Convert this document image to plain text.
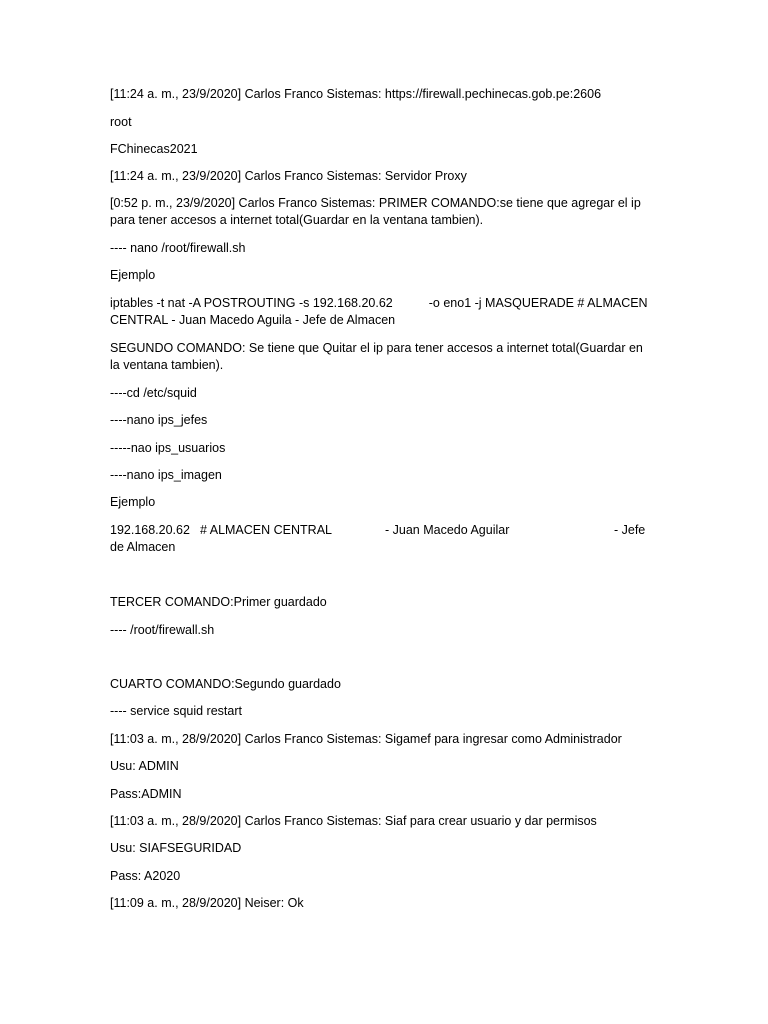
[11:24 a. m., 23/9/2020] Carlos Franco Sistemas: https://firewall.pechinecas.gob.pe:2606
root
FChinecas2021
[11:24 a. m., 23/9/2020] Carlos Franco Sistemas: Servidor Proxy
[0:52 p. m., 23/9/2020] Carlos Franco Sistemas: PRIMER COMANDO:se tiene que agregar el ip para tener accesos a internet total(Guardar en la ventana tambien).
---- nano /root/firewall.sh
Ejemplo
iptables -t nat -A POSTROUTING -s 192.168.20.62	-o eno1 -j MASQUERADE # ALMACEN
CENTRAL - Juan Macedo Aguila - Jefe de Almacen
SEGUNDO COMANDO: Se tiene que Quitar el ip para tener accesos a internet total(Guardar en la ventana tambien).
----cd /etc/squid
----nano ips_jefes
-----nao ips_usuarios
----nano ips_imagen
Ejemplo
192.168.20.62 # ALMACEN CENTRAL	- Juan Macedo Aguilar	- Jefe
de Almacen
TERCER COMANDO:Primer guardado
---- /root/firewall.sh
CUARTO COMANDO:Segundo guardado
---- service squid restart
[11:03 a. m., 28/9/2020] Carlos Franco Sistemas: Sigamef para ingresar como Administrador
Usu: ADMIN
Pass:ADMIN
[11:03 a. m., 28/9/2020] Carlos Franco Sistemas: Siaf para crear usuario y dar permisos
Usu: SIAFSEGURIDAD
Pass: A2020
[11:09 a. m., 28/9/2020] Neiser: Ok
